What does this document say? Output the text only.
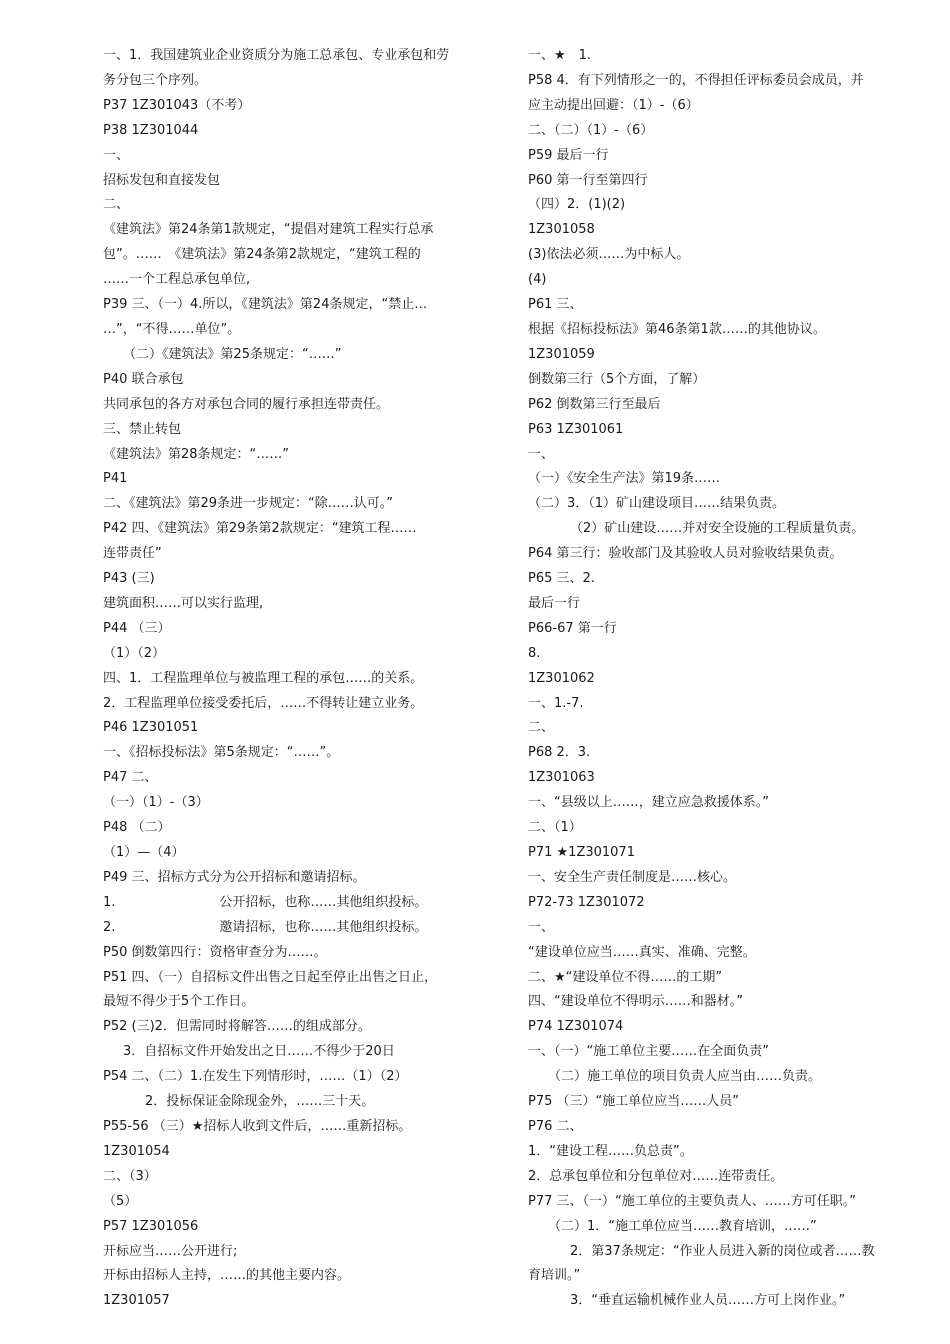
一、1．我国建筑业企业资质分为施工总承包、专业承包和劳
务分包三个序列。
P37 1Z301043（不考）
P38 1Z301044
一、
招标发包和直接发包
二、
《建筑法》第24条第1款规定，“提倡对建筑工程实行总承
包”。……　《建筑法》第24条第2款规定，“建筑工程的
……一个工程总承包单位,
P39 三、（一）4.所以，《建筑法》第24条规定，“禁止…
…”，“不得……单位”。
（二）《建筑法》第25条规定：“……”
P40 联合承包
共同承包的各方对承包合同的履行承担连带责任。
三、禁止转包
《建筑法》第28条规定：“……”
P41
二、《建筑法》第29条进一步规定：“除……认可。”
P42 四、《建筑法》第29条第2款规定：“建筑工程……
连带责任”
P43 (三)
建筑面积……可以实行监理,
P44 （三）
（1）（2）
四、1．工程监理单位与被监理工程的承包……的关系。
2．工程监理单位接受委托后，……不得转让建立业务。
P46 1Z301051
一、《招标投标法》第5条规定：“……”。
P47 二、
（一）（1）-（3）
P48 （二）
（1）—（4）
P49 三、招标方式分为公开招标和邀请招标。
1.　　　　　　　　公开招标，也称……其他组织投标。
2.　　　　　　　　邀请招标，也称……其他组织投标。
P50 倒数第四行：资格审查分为……。
P51 四、（一）自招标文件出售之日起至停止出售之日止，
最短不得少于5个工作日。
P52 (三)2．但需同时将解答……的组成部分。
3．自招标文件开始发出之日……不得少于20日
P54 二、（二）1.在发生下列情形时，……（1）（2）
2．投标保证金除现金外，……三十天。
P55-56 （三）★招标人收到文件后，……重新招标。
1Z301054
二、（3）
（5）
P57 1Z301056
开标应当……公开进行;
开标由招标人主持，……的其他主要内容。
1Z301057
一、★　1.
P58 4．有下列情形之一的，不得担任评标委员会成员，并
应主动提出回避：（1）-（6）
二、（二）（1）-（6）
P59 最后一行
P60 第一行至第四行
（四）2．(1)(2)
1Z301058
(3)依法必须……为中标人。
(4)
P61 三、
根据《招标投标法》第46条第1款……的其他协议。
1Z301059
倒数第三行（5个方面，了解）
P62 倒数第三行至最后
P63 1Z301061
一、
（一）《安全生产法》第19条……
（二）3．（1）矿山建设项目……结果负责。
（2）矿山建设……并对安全设施的工程质量负责。
P64 第三行：验收部门及其验收人员对验收结果负责。
P65 三、2.
最后一行
P66-67 第一行
8.
1Z301062
一、1.-7.
二、
P68 2．3.
1Z301063
一、“县级以上……，建立应急救援体系。”
二、（1）
P71 ★1Z301071
一、安全生产责任制度是……核心。
P72-73 1Z301072
一、
“建设单位应当……真实、准确、完整。
二、★“建设单位不得……的工期”
四、“建设单位不得明示……和器材。”
P74 1Z301074
一、（一）“施工单位主要……在全面负责”
（二）施工单位的项目负责人应当由……负责。
P75 （三）“施工单位应当……人员”
P76 二、
1．“建设工程……负总责”。
2．总承包单位和分包单位对……连带责任。
P77 三、（一）“施工单位的主要负责人、……方可任职。”
（二）1．“施工单位应当……教育培训，……”
2．第37条规定：“作业人员进入新的岗位或者……教
育培训。”
3．“垂直运输机械作业人员……方可上岗作业。”
